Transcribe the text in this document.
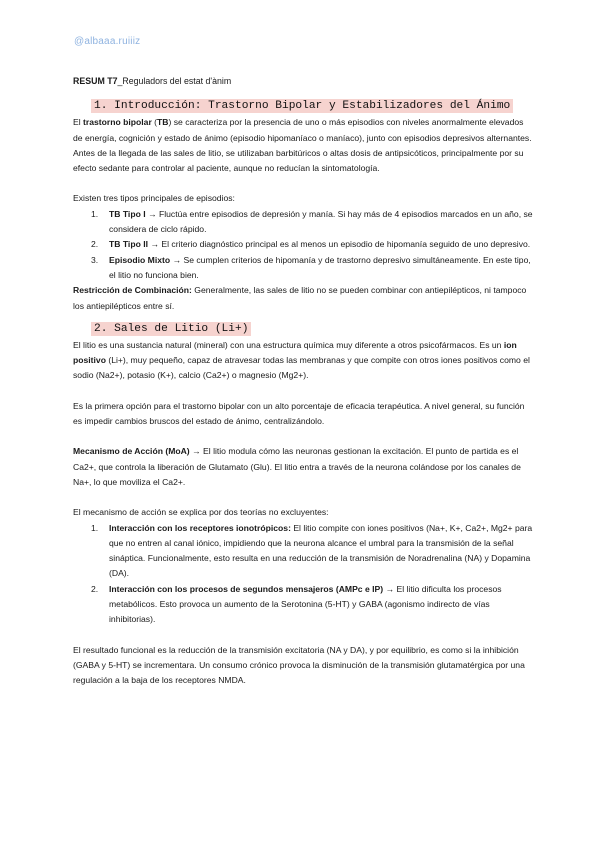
@albaaa.ruiiiz

RESUM T7_Reguladors del estat d'ànim

1. Introducción: Trastorno Bipolar y Estabilizadores del Ánimo

El trastorno bipolar (TB) se caracteriza por la presencia de uno o más episodios con niveles anormalmente elevados de energía, cognición y estado de ánimo (episodio hipomaníaco o maníaco), junto con episodios depresivos alternantes.

Antes de la llegada de las sales de litio, se utilizaban barbitúricos o altas dosis de antipsicóticos, principalmente por su efecto sedante para controlar al paciente, aunque no reducían la sintomatología.

Existen tres tipos principales de episodios:

1. TB Tipo I → Fluctúa entre episodios de depresión y manía. Si hay más de 4 episodios marcados en un año, se considera de ciclo rápido.
2. TB Tipo II → El criterio diagnóstico principal es al menos un episodio de hipomanía seguido de uno depresivo.
3. Episodio Mixto → Se cumplen criterios de hipomanía y de trastorno depresivo simultáneamente. En este tipo, el litio no funciona bien.

Restricción de Combinación: Generalmente, las sales de litio no se pueden combinar con antiepilépticos, ni tampoco los antiepilépticos entre sí.

2. Sales de Litio (Li+)

El litio es una sustancia natural (mineral) con una estructura química muy diferente a otros psicofármacos. Es un ion positivo (Li+), muy pequeño, capaz de atravesar todas las membranas y que compite con otros iones positivos como el sodio (Na2+), potasio (K+), calcio (Ca2+) o magnesio (Mg2+).

Es la primera opción para el trastorno bipolar con un alto porcentaje de eficacia terapéutica. A nivel general, su función es impedir cambios bruscos del estado de ánimo, centralizándolo.

Mecanismo de Acción (MoA) → El litio modula cómo las neuronas gestionan la excitación. El punto de partida es el Ca2+, que controla la liberación de Glutamato (Glu). El litio entra a través de la neurona colándose por los canales de Na+, lo que moviliza el Ca2+.

El mecanismo de acción se explica por dos teorías no excluyentes:

1. Interacción con los receptores ionotrópicos: El litio compite con iones positivos (Na+, K+, Ca2+, Mg2+ para que no entren al canal iónico, impidiendo que la neurona alcance el umbral para la transmisión de la señal sináptica. Funcionalmente, esto resulta en una reducción de la transmisión de Noradrenalina (NA) y Dopamina (DA).
2. Interacción con los procesos de segundos mensajeros (AMPc e IP) → El litio dificulta los procesos metabólicos. Esto provoca un aumento de la Serotonina (5-HT) y GABA (agonismo indirecto de vías inhibitorias).

El resultado funcional es la reducción de la transmisión excitatoria (NA y DA), y por equilibrio, es como si la inhibición (GABA y 5-HT) se incrementara. Un consumo crónico provoca la disminución de la transmisión glutamatérgica por una regulación a la baja de los receptores NMDA.
